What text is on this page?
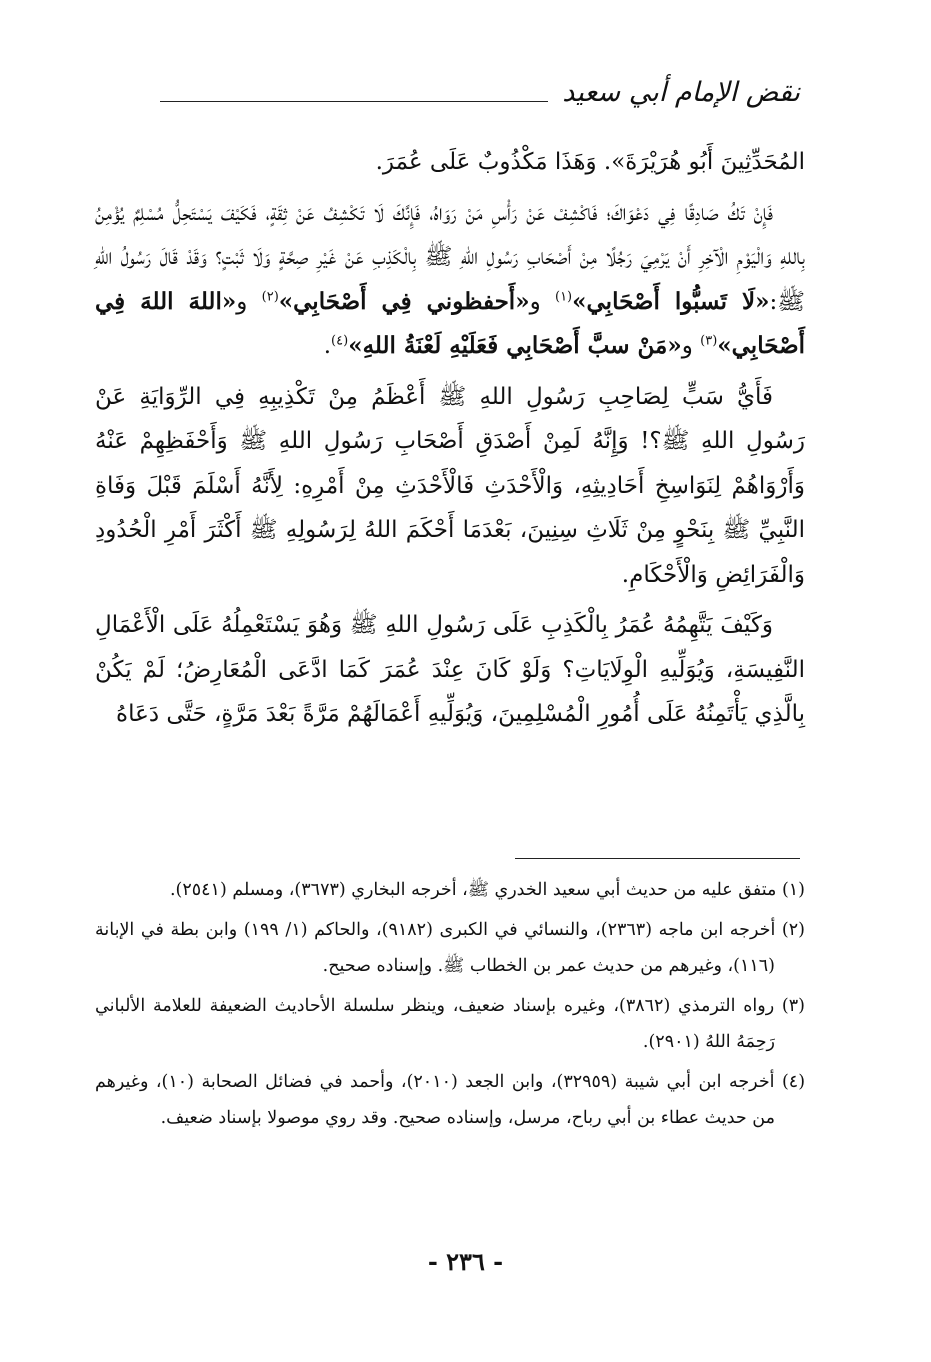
نقض الإمام أبي سعيد

المُحَدِّثِينَ أَبُو هُرَيْرَةَ». وَهَذَا مَكْذُوبٌ عَلَى عُمَرَ.

فَإِنْ تَكُ صَادِقًا فِي دَعْوَاكَ؛ فَاكْشِفْ عَنْ رَأْسِ مَنْ رَوَاهُ، فَإِنَّكَ لَا تَكْشِفُ عَنْ ثِقَةٍ، فَكَيْفَ يَسْتَحِلُّ مُسْلِمٌ يُؤْمِنُ بِاللهِ وَالْيَوْمِ الْآخِرِ أَنْ يَرْمِيَ رَجُلًا مِنْ أَصْحَابِ رَسُولِ اللهِ ﷺ بِالْكَذِبِ عَنْ غَيْرِ صِحَّةٍ وَلَا ثَبْتٍ؟ وَقَدْ قَالَ رَسُولُ اللهِ ﷺ:«لَا تَسبُّوا أَصْحَابِي»$^{(١)}$ و«أَحفظوني فِي أَصْحَابِي»$^{(٢)}$ و«اللهَ اللهَ فِي أَصْحَابِي»$^{(٣)}$ و«مَنْ سبَّ أَصْحَابِي فَعَلَيْهِ لَعْنَةُ اللهِ»$^{(٤)}$.

فَأَيُّ سَبٍّ لِصَاحِبِ رَسُولِ اللهِ ﷺ أَعْظَمُ مِنْ تَكْذِيبِهِ فِي الرِّوَايَةِ عَنْ رَسُولِ اللهِ ﷺ؟! وَإِنَّهُ لَمِنْ أَصْدَقِ أَصْحَابِ رَسُولِ اللهِ ﷺ وَأَحْفَظِهِمْ عَنْهُ وَأَرْوَاهُمْ لِنَوَاسِخِ أَحَادِيثِهِ، وَالْأَحْدَثِ فَالْأَحْدَثِ مِنْ أَمْرِهِ: لِأَنَّهُ أَسْلَمَ قَبْلَ وَفَاةِ النَّبِيِّ ﷺ بِنَحْوٍ مِنْ ثَلَاثِ سِنِينَ، بَعْدَمَا أَحْكَمَ اللهُ لِرَسُولِهِ ﷺ أَكْثَرَ أَمْرِ الْحُدُودِ وَالْفَرَائِضِ وَالْأَحْكَامِ.

وَكَيْفَ يَتَّهِمُهُ عُمَرُ بِالْكَذِبِ عَلَى رَسُولِ اللهِ ﷺ وَهُوَ يَسْتَعْمِلُهُ عَلَى الْأَعْمَالِ النَّفِيسَةِ، وَيُوَلِّيهِ الْوِلَايَاتِ؟ وَلَوْ كَانَ عِنْدَ عُمَرَ كَمَا ادَّعَى الْمُعَارِضُ؛ لَمْ يَكُنْ بِالَّذِي يَأْتَمِنُهُ عَلَى أُمُورِ الْمُسْلِمِينَ، وَيُوَلِّيهِ أَعْمَالَهُمْ مَرَّةً بَعْدَ مَرَّةٍ، حَتَّى دَعَاهُ

(١) متفق عليه من حديث أبي سعيد الخدري ﷺ، أخرجه البخاري (٣٦٧٣)، ومسلم (٢٥٤١).

(٢) أخرجه ابن ماجه (٢٣٦٣)، والنسائي في الكبرى (٩١٨٢)، والحاكم (١/ ١٩٩) وابن بطة في الإبانة (١١٦)، وغيرهم من حديث عمر بن الخطاب ﷺ. وإسناده صحيح.

(٣) رواه الترمذي (٣٨٦٢)، وغيره بإسناد ضعيف، وينظر سلسلة الأحاديث الضعيفة للعلامة الألباني رَحِمَهُ اللهُ (٢٩٠١).

(٤) أخرجه ابن أبي شيبة (٣٢٩٥٩)، وابن الجعد (٢٠١٠)، وأحمد في فضائل الصحابة (١٠)، وغيرهم من حديث عطاء بن أبي رباح، مرسل، وإسناده صحيح. وقد روي موصولا بإسناد ضعيف.

- ٢٣٦ -
